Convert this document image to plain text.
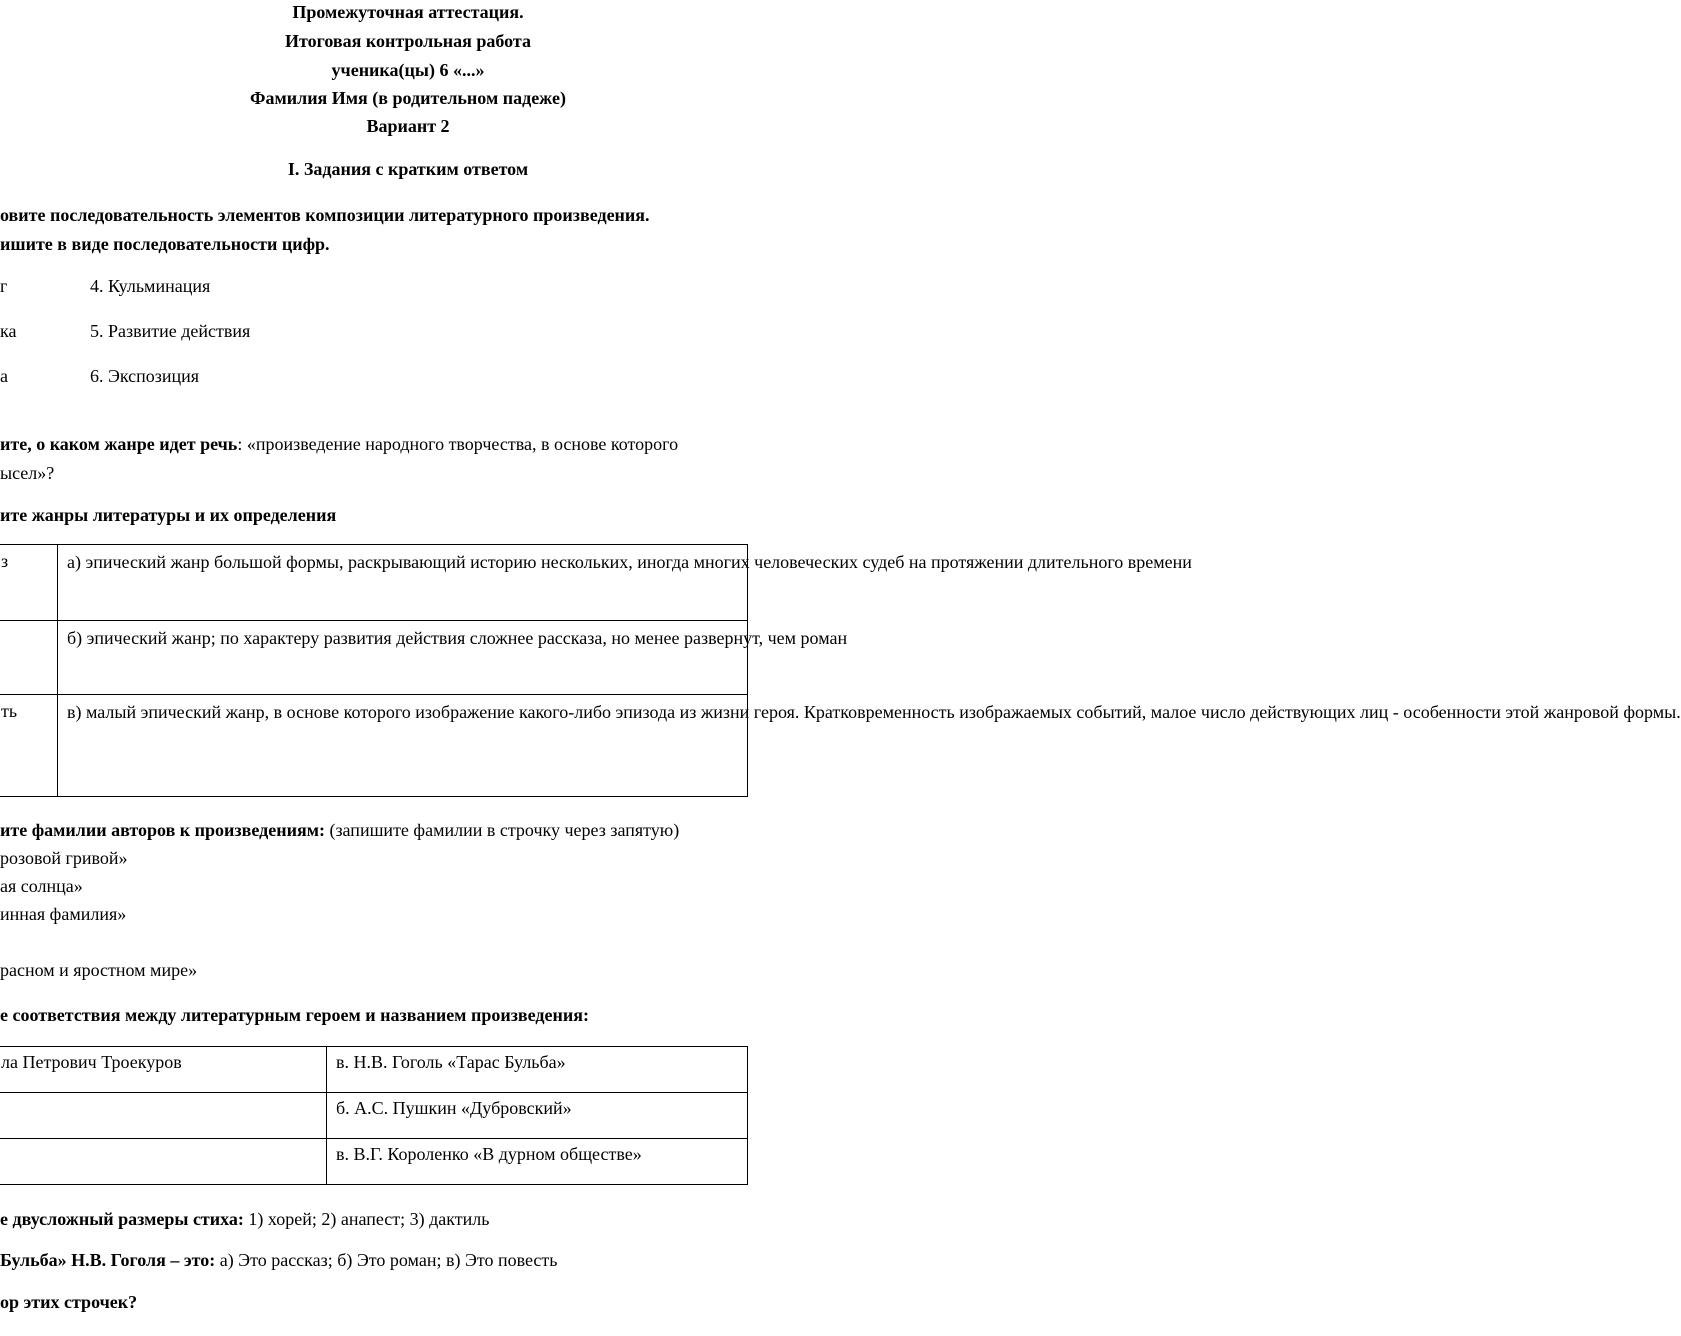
Промежуточная аттестация.
Итоговая контрольная работа
ученика(цы) 6 «...»
Фамилия Имя (в родительном падеже)
Вариант 2
I. Задания с кратким ответом
овите последовательность элементов композиции литературного произведения.
ишите в виде последовательности цифр.
г	4. Кульминация
ка	5. Развитие действия
а	6. Экспозиция
ите, о каком жанре идет речь: «произведение народного творчества, в основе которого
ысел»?
ите жанры литературы и их определения
з	а) эпический жанр большой формы, раскрывающий историю нескольких, иногда многих человеческих судеб на протяжении длительного времени

	б) эпический жанр; по характеру развития действия сложнее рассказа, но менее развернут, чем роман

ть	в) малый эпический жанр, в основе которого изображение какого-либо эпизода из жизни героя. Кратковременность изображаемых событий, малое число действующих лиц - особенности этой жанровой формы.
ите фамилии авторов к произведениям: (запишите фамилии в строчку через запятую)
розовой гривой»
ая солнца»
инная фамилия»
расном и яростном мире»
е соответствия между литературным героем и названием произведения:
ла Петрович Троекуров	в. Н.В. Гоголь «Тарас Бульба»

	б. А.С. Пушкин «Дубровский»

	в. В.Г. Короленко «В дурном обществе»
е двусложный размеры стиха: 1) хорей; 2) анапест; 3) дактиль
Бульба» Н.В. Гоголя – это: а) Это рассказ; б) Это роман; в) Это повесть
ор этих строчек?
